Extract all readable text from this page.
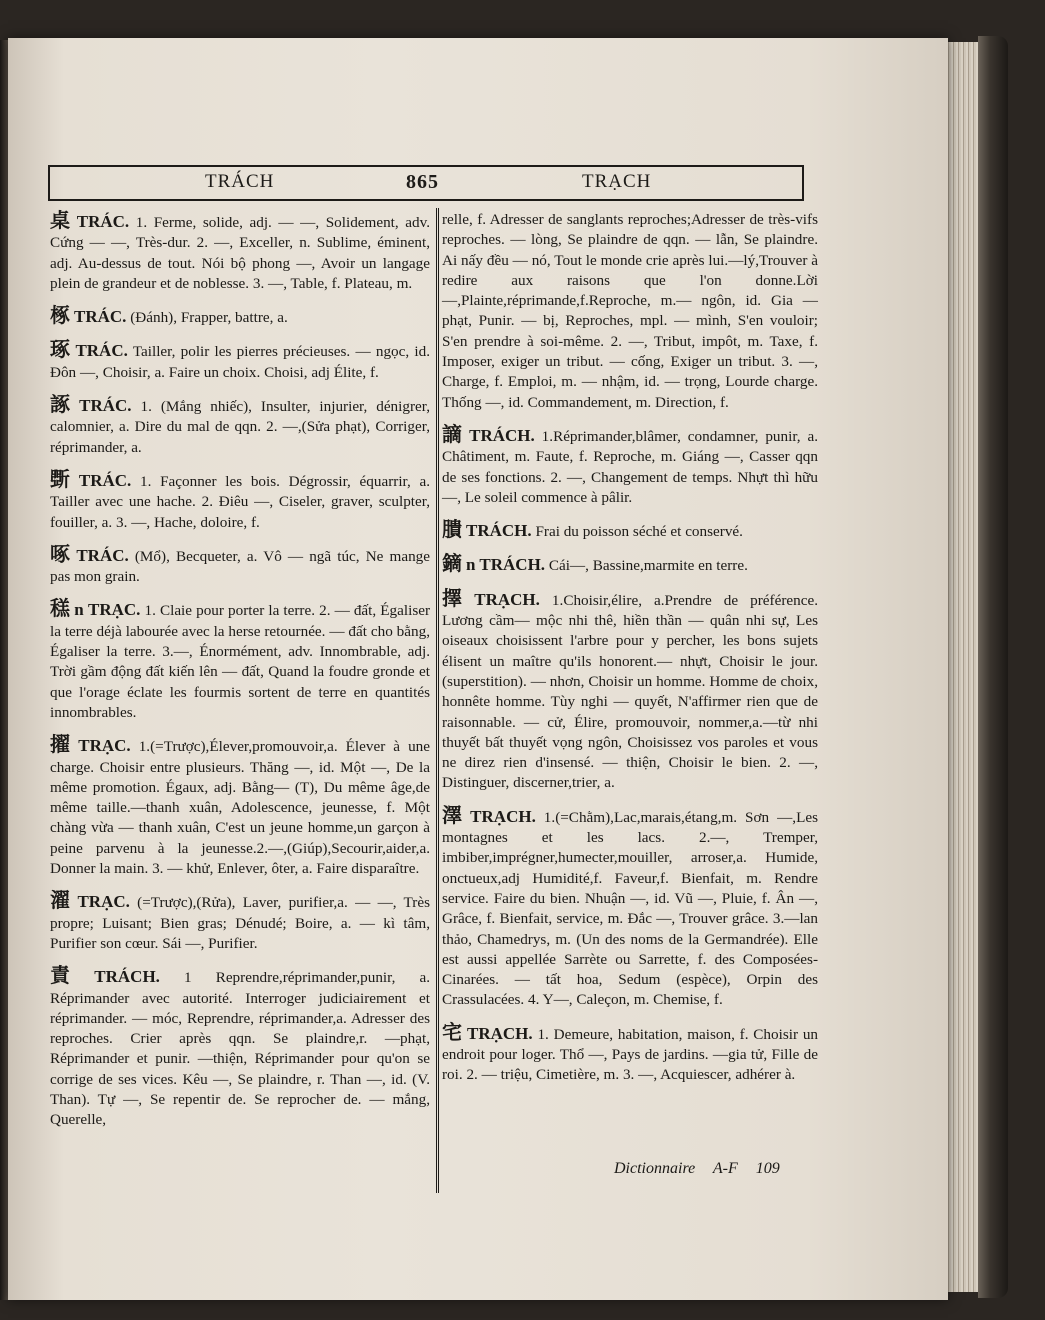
TRÁCH	865	TRẠCH
桌 TRÁC. 1. Ferme, solide, adj. — —, Solidement, adv. Cứng — —, Très-dur. 2. —, Exceller, n. Sublime, éminent, adj. Au-dessus de tout. Nói bộ phong —, Avoir un langage plein de grandeur et de noblesse. 3. —, Table, f. Plateau, m.
椓 TRÁC. (Đánh), Frapper, battre, a.
琢 TRÁC. Tailler, polir les pierres précieuses. — ngọc, id. Đôn —, Choisir, a. Faire un choix. Choisi, adj Élite, f.
諑 TRÁC. 1. (Mắng nhiếc), Insulter, injurier, dénigrer, calomnier, a. Dire du mal de qqn. 2. —,(Sửa phạt), Corriger, réprimander, a.
斲 TRÁC. 1. Façonner les bois. Dégrossir, équarrir, a. Tailler avec une hache. 2. Điêu —, Ciseler, graver, sculpter, fouiller, a. 3. —, Hache, doloire, f.
啄 TRÁC. (Mổ), Becqueter, a. Vô — ngã túc, Ne mange pas mon grain.
䅵 n TRẠC. 1. Claie pour porter la terre. 2. — đất, Égaliser la terre déjà labourée avec la herse retournée. — đất cho bằng, Égaliser la terre. 3.—, Énormément, adv. Innombrable, adj. Trời gầm động đất kiến lên — đất, Quand la foudre gronde et que l'orage éclate les fourmis sortent de terre en quantités innombrables.
擢 TRẠC. 1.(=Trược),Élever,promouvoir,a. Élever à une charge. Choisir entre plusieurs. Thăng —, id. Một —, De la même promotion. Égaux, adj. Bằng— (T), Du même âge,de même taille.—thanh xuân, Adolescence, jeunesse, f. Một chàng vừa — thanh xuân, C'est un jeune homme,un garçon à peine parvenu à la jeunesse.2.—,(Giúp),Secourir,aider,a. Donner la main. 3. — khử, Enlever, ôter, a. Faire disparaître.
濯 TRẠC. (=Trược),(Rửa), Laver, purifier,a. — —, Très propre; Luisant; Bien gras; Dénudé; Boire, a. — kì tâm, Purifier son cœur. Sái —, Purifier.
責 TRÁCH. 1 Reprendre,réprimander,punir, a. Réprimander avec autorité. Interroger judiciairement et réprimander. — móc, Reprendre, réprimander,a. Adresser des reproches. Crier après qqn. Se plaindre,r. —phạt, Réprimander et punir. —thiện, Réprimander pour qu'on se corrige de ses vices. Kêu —, Se plaindre, r. Than —, id. (V. Than). Tự —, Se repentir de. Se reprocher de. — mắng, Querelle,
relle, f. Adresser de sanglants reproches;Adresser de très-vifs reproches. — lòng, Se plaindre de qqn. — lẫn, Se plaindre. Ai nấy đều — nó, Tout le monde crie après lui.—lý,Trouver à redire aux raisons que l'on donne.Lời—,Plainte,réprimande,f.Reproche, m.— ngôn, id. Gia — phạt, Punir. — bị, Reproches, mpl. — mình, S'en vouloir; S'en prendre à soi-même. 2. —, Tribut, impôt, m. Taxe, f. Imposer, exiger un tribut. — cống, Exiger un tribut. 3. —, Charge, f. Emploi, m. — nhậm, id. — trọng, Lourde charge. Thống —, id. Commandement, m. Direction, f.
謫 TRÁCH. 1.Réprimander,blâmer, condamner, punir, a. Châtiment, m. Faute, f. Reproche, m. Giáng —, Casser qqn de ses fonctions. 2. —, Changement de temps. Nhựt thì hữu —, Le soleil commence à pâlir.
膭 TRÁCH. Frai du poisson séché et conservé.
鏑 n TRÁCH. Cái—, Bassine,marmite en terre.
擇 TRẠCH. 1.Choisir,élire, a.Prendre de préférence. Lương cầm— mộc nhi thê, hiền thần — quân nhi sự, Les oiseaux choisissent l'arbre pour y percher, les bons sujets élisent un maître qu'ils honorent.— nhựt, Choisir le jour. (superstition). — nhơn, Choisir un homme. Homme de choix, honnête homme. Tùy nghi — quyết, N'affirmer rien que de raisonnable. — cử, Élire, promouvoir, nommer,a.—từ nhi thuyết bất thuyết vọng ngôn, Choisissez vos paroles et vous ne direz rien d'insensé. — thiện, Choisir le bien. 2. —, Distinguer, discerner,trier, a.
澤 TRẠCH. 1.(=Chằm),Lac,marais,étang,m. Sơn —,Les montagnes et les lacs. 2.—, Tremper, imbiber,imprégner,humecter,mouiller, arroser,a. Humide, onctueux,adj Humidité,f. Faveur,f. Bienfait, m. Rendre service. Faire du bien. Nhuận —, id. Vũ —, Pluie, f. Ân —, Grâce, f. Bienfait, service, m. Đắc —, Trouver grâce. 3.—lan thảo, Chamedrys, m. (Un des noms de la Germandrée). Elle est aussi appellée Sarrète ou Sarrette, f. des Composées-Cinarées. — tất hoa, Sedum (espèce), Orpin des Crassulacées. 4. Y—, Caleçon, m. Chemise, f.
宅 TRẠCH. 1. Demeure, habitation, maison, f. Choisir un endroit pour loger. Thổ —, Pays de jardins. —gia tử, Fille de roi. 2. — triệu, Cimetière, m. 3. —, Acquiescer, adhérer à.
Dictionnaire A-F 109
